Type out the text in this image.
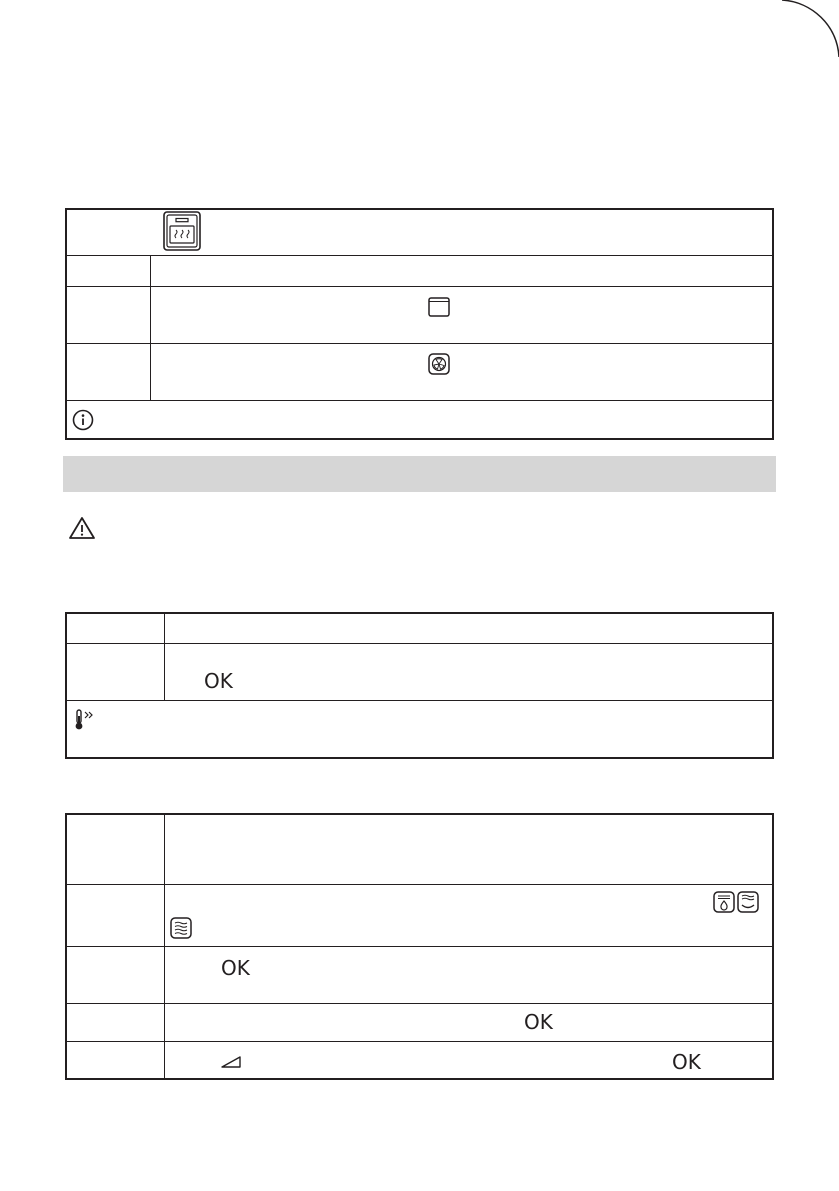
OK
OK
OK
OK
